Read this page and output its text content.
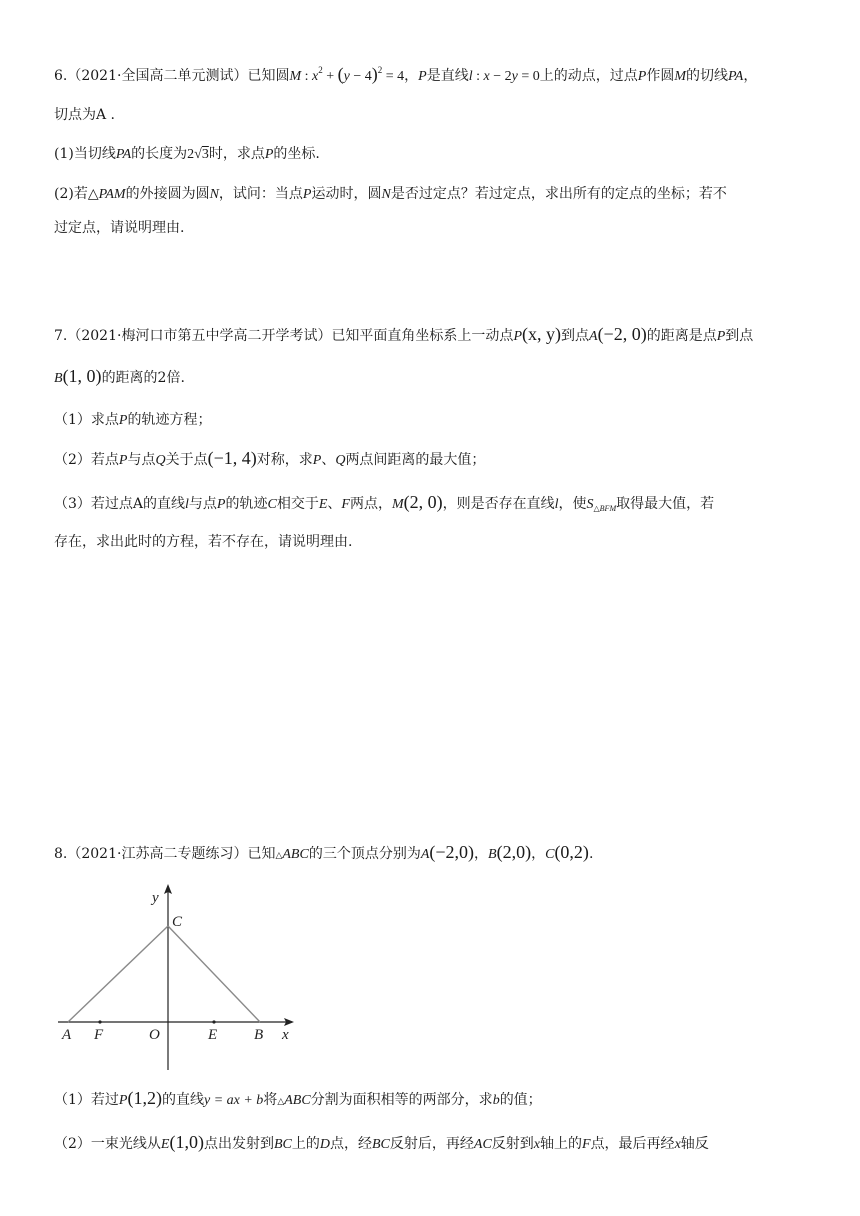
6.（2021·全国高二单元测试）已知圆M : $x^2 + (y - 4)^2 = 4$，P是直线l : x − 2y = 0上的动点，过点P作圆M的切线PA，
切点为A .
(1)当切线PA的长度为2√3时，求点P的坐标.
(2)若△PAM的外接圆为圆N，试问：当点P运动时，圆N是否过定点？若过定点，求出所有的定点的坐标；若不
过定点，请说明理由.
7.（2021·梅河口市第五中学高二开学考试）已知平面直角坐标系上一动点P(x, y)到点A(−2, 0)的距离是点P到点
B(1, 0)的距离的2倍.
（1）求点P的轨迹方程；
（2）若点P与点Q关于点(−1, 4)对称，求P、Q两点间距离的最大值；
（3）若过点A的直线l与点P的轨迹C相交于E、F两点，M(2, 0)，则是否存在直线l，使$S_{\triangle BFM}$取得最大值，若
存在，求出此时的方程，若不存在，请说明理由.
8.（2021·江苏高二专题练习）已知△ABC的三个顶点分别为A(−2,0)，B(2,0)，C(0,2).
y
C
A F	O	E B x
（1）若过P(1,2)的直线y = ax + b将△ABC分割为面积相等的两部分，求b的值；
（2）一束光线从E(1,0)点出发射到BC上的D点，经BC反射后，再经AC反射到x轴上的F点，最后再经x轴反
